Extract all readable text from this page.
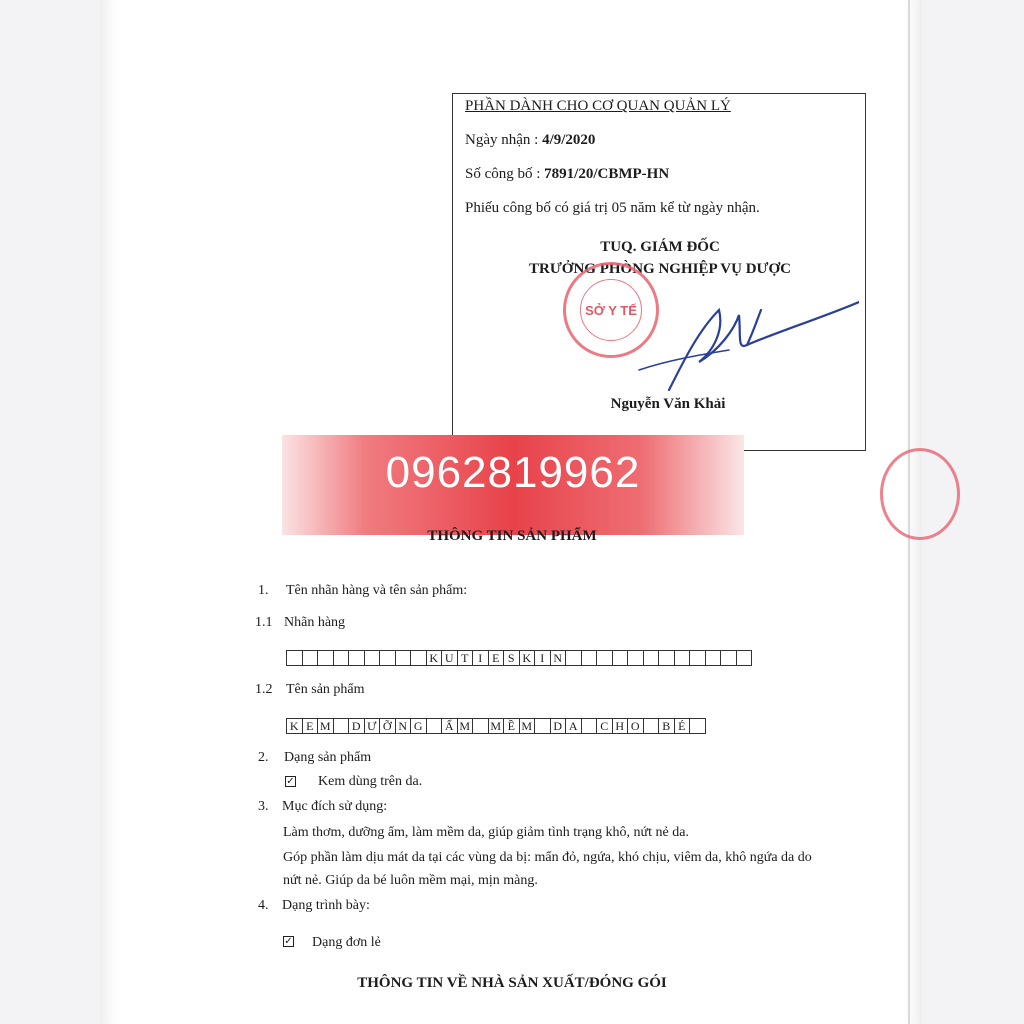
PHẦN DÀNH CHO CƠ QUAN QUẢN LÝ
Ngày nhận : 4/9/2020
Số công bố : 7891/20/CBMP-HN
Phiếu công bố có giá trị 05 năm kể từ ngày nhận.
TUQ. GIÁM ĐỐC
TRƯỞNG PHÒNG NGHIỆP VỤ DƯỢC
SỞ Y TẾ
Nguyễn Văn Khải
0962819962
THÔNG TIN SẢN PHẨM
1. Tên nhãn hàng và tên sản phẩm:
1.1 Nhãn hàng
K U T I E S K I N
1.2 Tên sản phẩm
K E M	D Ư Ỡ N G	Ẩ M M Ề M	D A	C H O	B É
2. Dạng sản phẩm
✓ Kem dùng trên da.
3. Mục đích sử dụng:
Làm thơm, dưỡng ẩm, làm mềm da, giúp giảm tình trạng khô, nứt nẻ da.
Góp phần làm dịu mát da tại các vùng da bị: mẩn đỏ, ngứa, khó chịu, viêm da, khô ngứa da do
nứt nẻ. Giúp da bé luôn mềm mại, mịn màng.
4. Dạng trình bày:
✓ Dạng đơn lẻ
THÔNG TIN VỀ NHÀ SẢN XUẤT/ĐÓNG GÓI
